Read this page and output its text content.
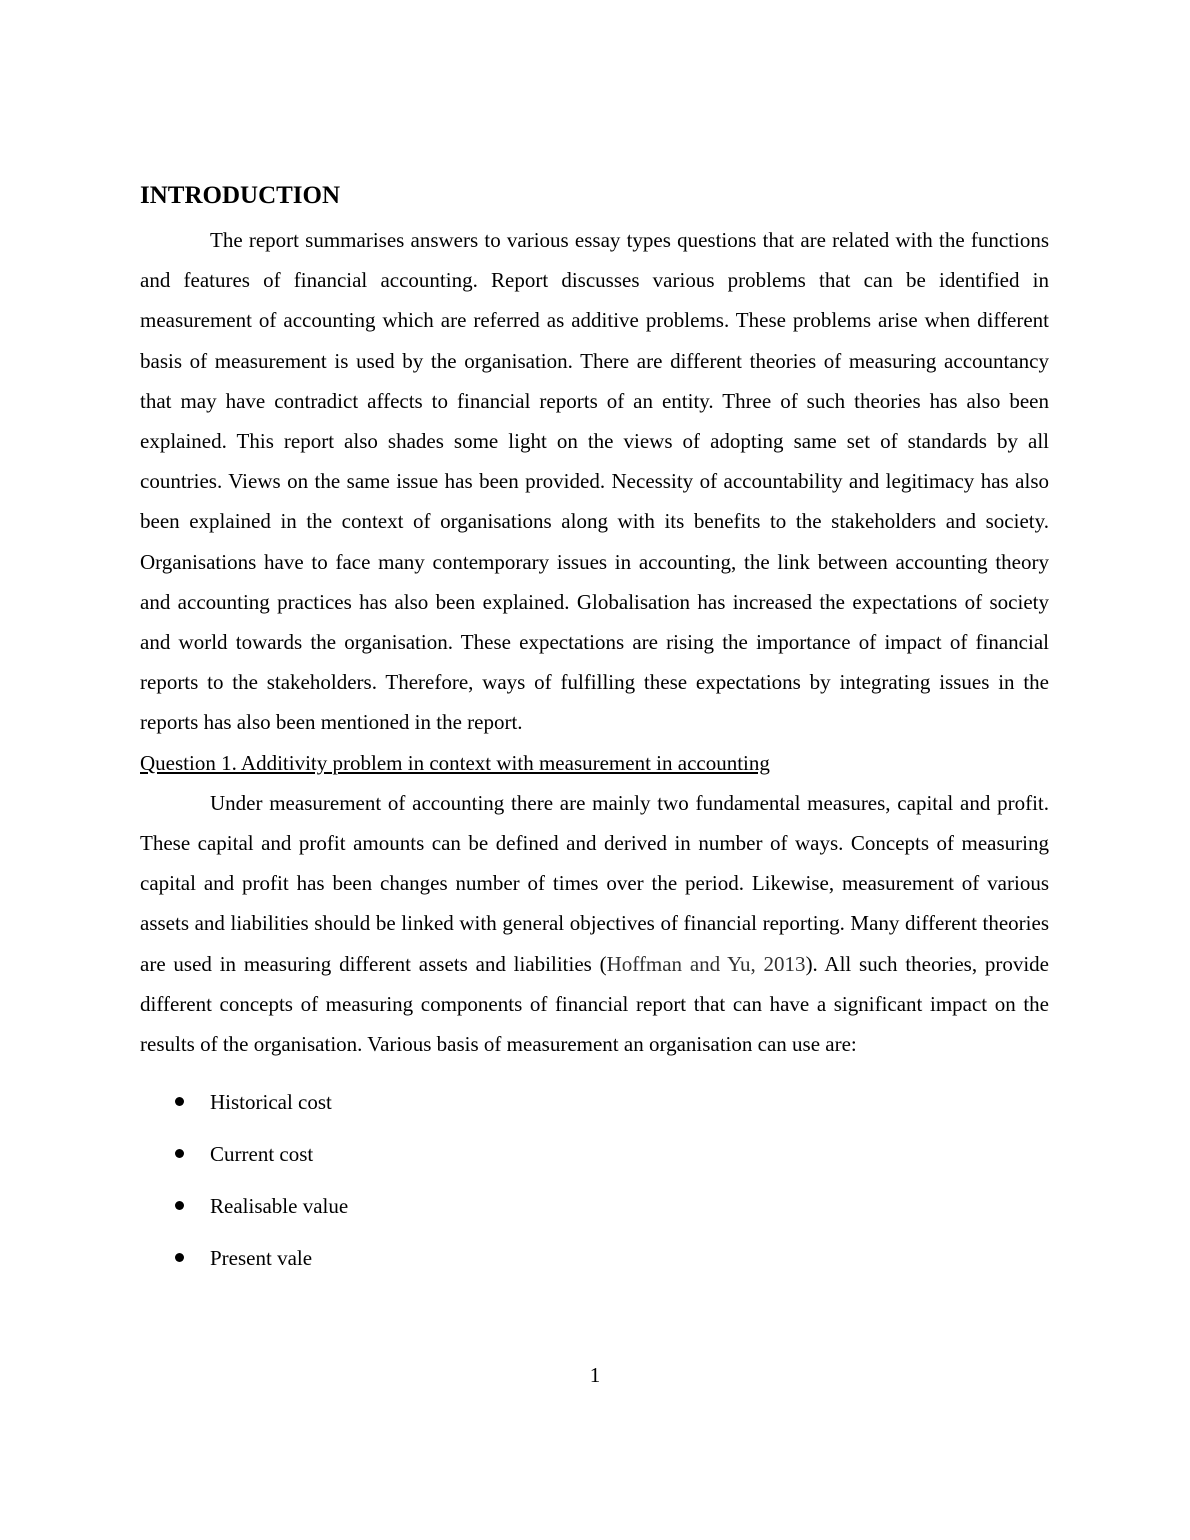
INTRODUCTION

The report summarises answers to various essay types questions that are related with the functions and features of financial accounting. Report discusses various problems that can be identified in measurement of accounting which are referred as additive problems. These problems arise when different basis of measurement is used by the organisation. There are different theories of measuring accountancy that may have contradict affects to financial reports of an entity. Three of such theories has also been explained. This report also shades some light on the views of adopting same set of standards by all countries. Views on the same issue has been provided. Necessity of accountability and legitimacy has also been explained in the context of organisations along with its benefits to the stakeholders and society. Organisations have to face many contemporary issues in accounting, the link between accounting theory and accounting practices has also been explained. Globalisation has increased the expectations of society and world towards the organisation. These expectations are rising the importance of impact of financial reports to the stakeholders. Therefore, ways of fulfilling these expectations by integrating issues in the reports has also been mentioned in the report.

Question 1. Additivity problem in context with measurement in accounting

Under measurement of accounting there are mainly two fundamental measures, capital and profit. These capital and profit amounts can be defined and derived in number of ways. Concepts of measuring capital and profit has been changes number of times over the period. Likewise, measurement of various assets and liabilities should be linked with general objectives of financial reporting. Many different theories are used in measuring different assets and liabilities (Hoffman and Yu, 2013). All such theories, provide different concepts of measuring components of financial report that can have a significant impact on the results of the organisation. Various basis of measurement an organisation can use are:

Historical cost
Current cost
Realisable value
Present vale
1
